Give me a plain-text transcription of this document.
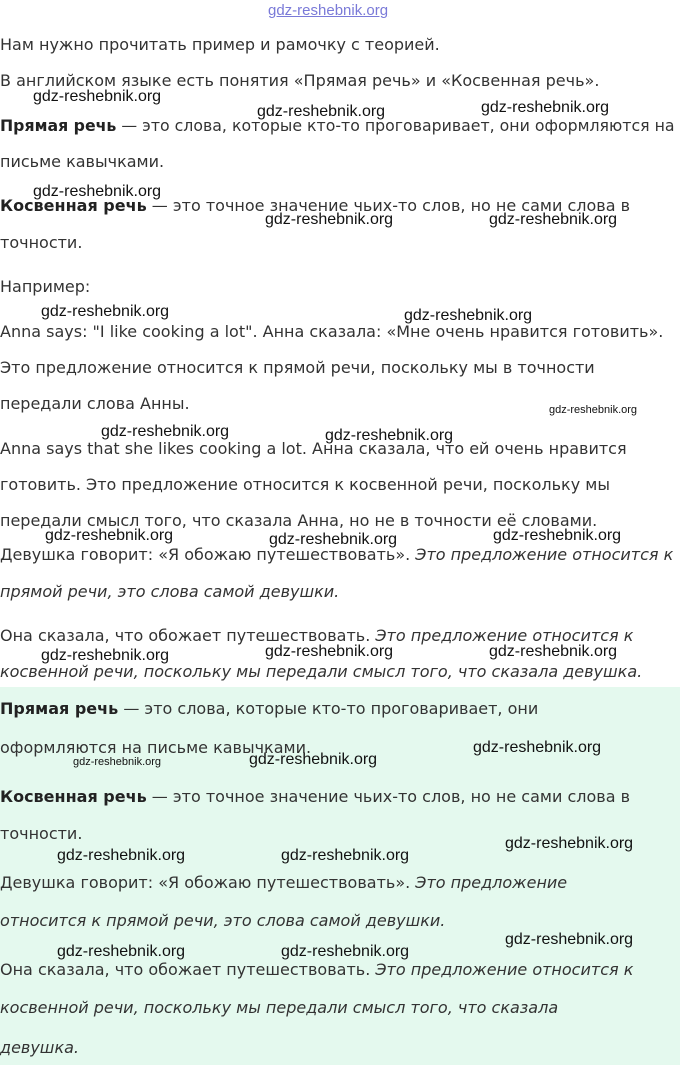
gdz-reshebnik.org

Нам нужно прочитать пример и рамочку с теорией.

В английском языке есть понятия «Прямая речь» и «Косвенная речь».

Прямая речь — это слова, которые кто-то проговаривает, они оформляются на

письме кавычками.

Косвенная речь — это точное значение чьих-то слов, но не сами слова в

точности.

Например:

Anna says: "I like cooking a lot". Анна сказала: «Мне очень нравится готовить».

Это предложение относится к прямой речи, поскольку мы в точности

передали слова Анны.

Anna says that she likes cooking a lot. Анна сказала, что ей очень нравится

готовить. Это предложение относится к косвенной речи, поскольку мы

передали смысл того, что сказала Анна, но не в точности её словами.

Девушка говорит: «Я обожаю путешествовать». Это предложение относится к

прямой речи, это слова самой девушки.

Она сказала, что обожает путешествовать. Это предложение относится к

косвенной речи, поскольку мы передали смысл того, что сказала девушка.

Прямая речь — это слова, которые кто-то проговаривает, они

оформляются на письме кавычками.

Косвенная речь — это точное значение чьих-то слов, но не сами слова в

точности.

Девушка говорит: «Я обожаю путешествовать». Это предложение

относится к прямой речи, это слова самой девушки.

Она сказала, что обожает путешествовать. Это предложение относится к

косвенной речи, поскольку мы передали смысл того, что сказала

девушка.

gdz-reshebnik.org
gdz-reshebnik.org	gdz-reshebnik.org
gdz-reshebnik.org
gdz-reshebnik.org	gdz-reshebnik.org
gdz-reshebnik.org	gdz-reshebnik.org
gdz-reshebnik.org
gdz-reshebnik.org	gdz-reshebnik.org
gdz-reshebnik.org	gdz-reshebnik.org	gdz-reshebnik.org
gdz-reshebnik.org	gdz-reshebnik.org	gdz-reshebnik.org
gdz-reshebnik.org
gdz-reshebnik.org	gdz-reshebnik.org
gdz-reshebnik.org
gdz-reshebnik.org	gdz-reshebnik.org
gdz-reshebnik.org
gdz-reshebnik.org	gdz-reshebnik.org
